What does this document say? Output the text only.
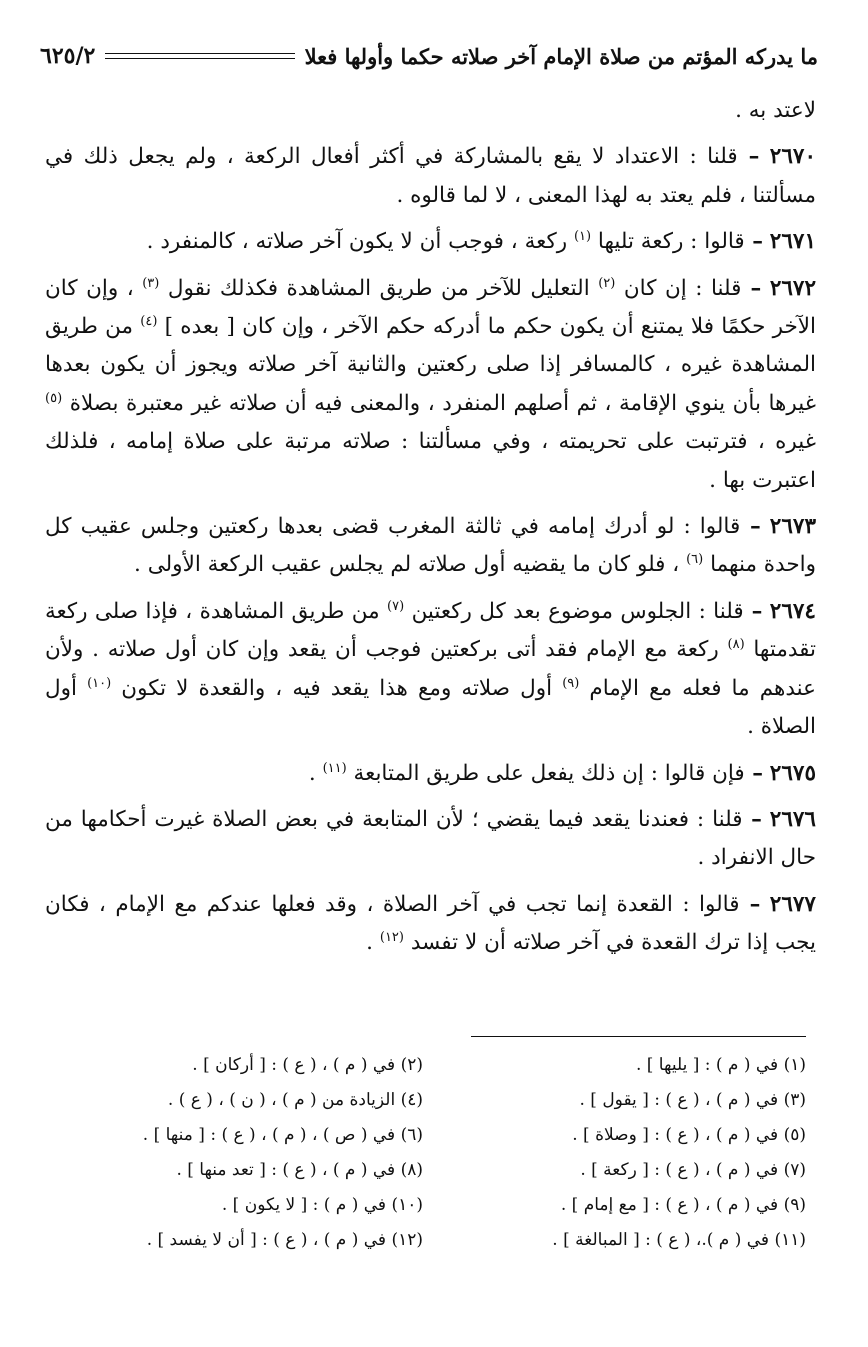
ما يدركه المؤتم من صلاة الإمام آخر صلاته حكما وأولها فعلا
٦٢٥/٢

لاعتد به .

٢٦٧٠ – قلنا : الاعتداد لا يقع بالمشاركة في أكثر أفعال الركعة ، ولم يجعل ذلك في مسألتنا ، فلم يعتد به لهذا المعنى ، لا لما قالوه .

٢٦٧١ – قالوا : ركعة تليها $^{(١)}$ ركعة ، فوجب أن لا يكون آخر صلاته ، كالمنفرد .

٢٦٧٢ – قلنا : إن كان $^{(٢)}$ التعليل للآخر من طريق المشاهدة فكذلك نقول $^{(٣)}$ ، وإن كان الآخر حكمًا فلا يمتنع أن يكون حكم ما أدركه حكم الآخر ، وإن كان [ بعده ] $^{(٤)}$ من طريق المشاهدة غيره ، كالمسافر إذا صلى ركعتين والثانية آخر صلاته ويجوز أن يكون بعدها غيرها بأن ينوي الإقامة ، ثم أصلهم المنفرد ، والمعنى فيه أن صلاته غير معتبرة بصلاة $^{(٥)}$ غيره ، فترتبت على تحريمته ، وفي مسألتنا : صلاته مرتبة على صلاة إمامه ، فلذلك اعتبرت بها .

٢٦٧٣ – قالوا : لو أدرك إمامه في ثالثة المغرب قضى بعدها ركعتين وجلس عقيب كل واحدة منهما $^{(٦)}$ ، فلو كان ما يقضيه أول صلاته لم يجلس عقيب الركعة الأولى .

٢٦٧٤ – قلنا : الجلوس موضوع بعد كل ركعتين $^{(٧)}$ من طريق المشاهدة ، فإذا صلى ركعة تقدمتها $^{(٨)}$ ركعة مع الإمام فقد أتى بركعتين فوجب أن يقعد وإن كان أول صلاته . ولأن عندهم ما فعله مع الإمام $^{(٩)}$ أول صلاته ومع هذا يقعد فيه ، والقعدة لا تكون $^{(١٠)}$ أول الصلاة .

٢٦٧٥ – فإن قالوا : إن ذلك يفعل على طريق المتابعة $^{(١١)}$ .

٢٦٧٦ – قلنا : فعندنا يقعد فيما يقضي ؛ لأن المتابعة في بعض الصلاة غيرت أحكامها من حال الانفراد .

٢٦٧٧ – قالوا : القعدة إنما تجب في آخر الصلاة ، وقد فعلها عندكم مع الإمام ، فكان يجب إذا ترك القعدة في آخر صلاته أن لا تفسد $^{(١٢)}$ .

(١) في ( م ) : [ يليها ] .
(٢) في ( م ) ، ( ع ) : [ أركان ] .
(٣) في ( م ) ، ( ع ) : [ يقول ] .
(٤) الزيادة من ( م ) ، ( ن ) ، ( ع ) .
(٥) في ( م ) ، ( ع ) : [ وصلاة ] .
(٦) في ( ص ) ، ( م ) ، ( ع ) : [ منها ] .
(٧) في ( م ) ، ( ع ) : [ ركعة ] .
(٨) في ( م ) ، ( ع ) : [ تعد منها ] .
(٩) في ( م ) ، ( ع ) : [ مع إمام ] .
(١٠) في ( م ) : [ لا يكون ] .
(١١) في ( م ).، ( ع ) : [ المبالغة ] .
(١٢) في ( م ) ، ( ع ) : [ أن لا يفسد ] .
